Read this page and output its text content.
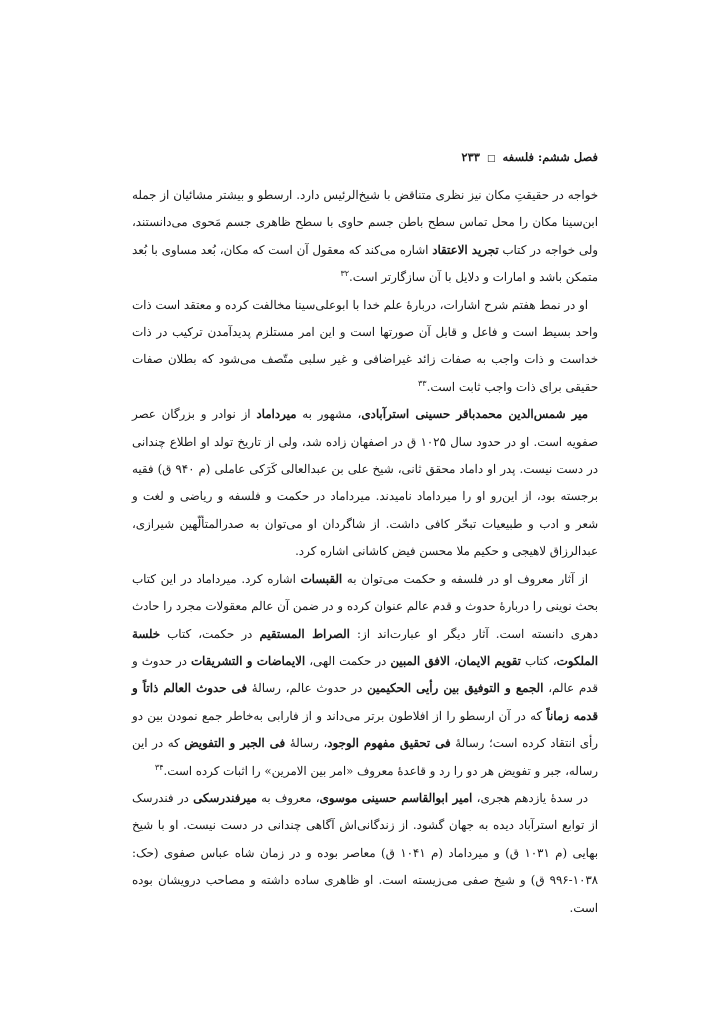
فصل ششم: فلسفه □ ۲۳۳

خواجه در حقیقتِ مکان نیز نظری متناقض با شیخ‌الرئیس دارد. ارسطو و بیشتر مشائیان از جمله ابن‌سینا مکان را محل تماس سطح باطن جسم حاوی با سطح ظاهری جسم مَحوی می‌دانستند، ولی خواجه در کتاب تجرید الاعتقاد اشاره می‌کند که معقول آن است که مکان، بُعد مساوی با بُعد متمکن باشد و امارات و دلایل با آن سازگارتر است.$^{۳۲}$

او در نمط هفتم شرح اشارات، دربارهٔ علم خدا با ابوعلی‌سینا مخالفت کرده و معتقد است ذات واحد بسیط است و فاعل و قابل آن صورتها است و این امر مستلزم پدیدآمدن ترکیب در ذات خداست و ذات واجب به صفات زائد غیراضافی و غیر سلبی متّصف می‌شود که بطلان صفات حقیقی برای ذات واجب ثابت است.$^{۳۳}$

میر شمس‌الدین محمدباقر حسینی استرآبادی، مشهور به میرداماد از نوادر و بزرگان عصر صفویه است. او در حدود سال ۱۰۲۵ ق در اصفهان زاده شد، ولی از تاریخ تولد او اطلاع چندانی در دست نیست. پدر او داماد محقق ثانی، شیخ علی بن عبدالعالی کَرَکی عاملی (م ۹۴۰ ق) فقیه برجسته بود، از این‌رو او را میرداماد نامیدند. میرداماد در حکمت و فلسفه و ریاضی و لغت و شعر و ادب و طبیعیات تبحّر کافی داشت. از شاگردان او می‌توان به صدرالمتألّهین شیرازی، عبدالرزاق لاهیجی و حکیم ملا محسن فیض کاشانی اشاره کرد.

از آثار معروف او در فلسفه و حکمت می‌توان به القبسات اشاره کرد. میرداماد در این کتاب بحث نوینی را دربارهٔ حدوث و قدم عالم عنوان کرده و در ضمن آن عالم معقولات مجرد را حادث دهری دانسته است. آثار دیگر او عبارت‌اند از: الصراط المستقیم در حکمت، کتاب خلسة الملکوت، کتاب تقویم الایمان، الافق المبین در حکمت الهی، الایماضات و التشریقات در حدوث و قدم عالم، الجمع و التوفیق بین رأیی الحکیمین در حدوث عالم، رسالهٔ فی حدوث العالم ذاتاً و قدمه زماناً که در آن ارسطو را از افلاطون برتر می‌داند و از فارابی به‌خاطر جمع نمودن بین دو رأی انتقاد کرده است؛ رسالهٔ فی تحقیق مفهوم الوجود، رسالهٔ فی الجبر و التفویض که در این رساله، جبر و تفویض هر دو را رد و قاعدهٔ معروف «امر بین الامرین» را اثبات کرده است.$^{۳۴}$

در سدهٔ یازدهم هجری، امیر ابوالقاسم حسینی موسوی، معروف به میرفندرسکی در فندرسک از توابع استرآباد دیده به جهان گشود. از زندگانی‌اش آگاهی چندانی در دست نیست. او با شیخ بهایی (م ۱۰۳۱ ق) و میرداماد (م ۱۰۴۱ ق) معاصر بوده و در زمان شاه عباس صفوی (حک: ۱۰۳۸-۹۹۶ ق) و شیخ صفی می‌زیسته است. او ظاهری ساده داشته و مصاحب درویشان بوده است.
